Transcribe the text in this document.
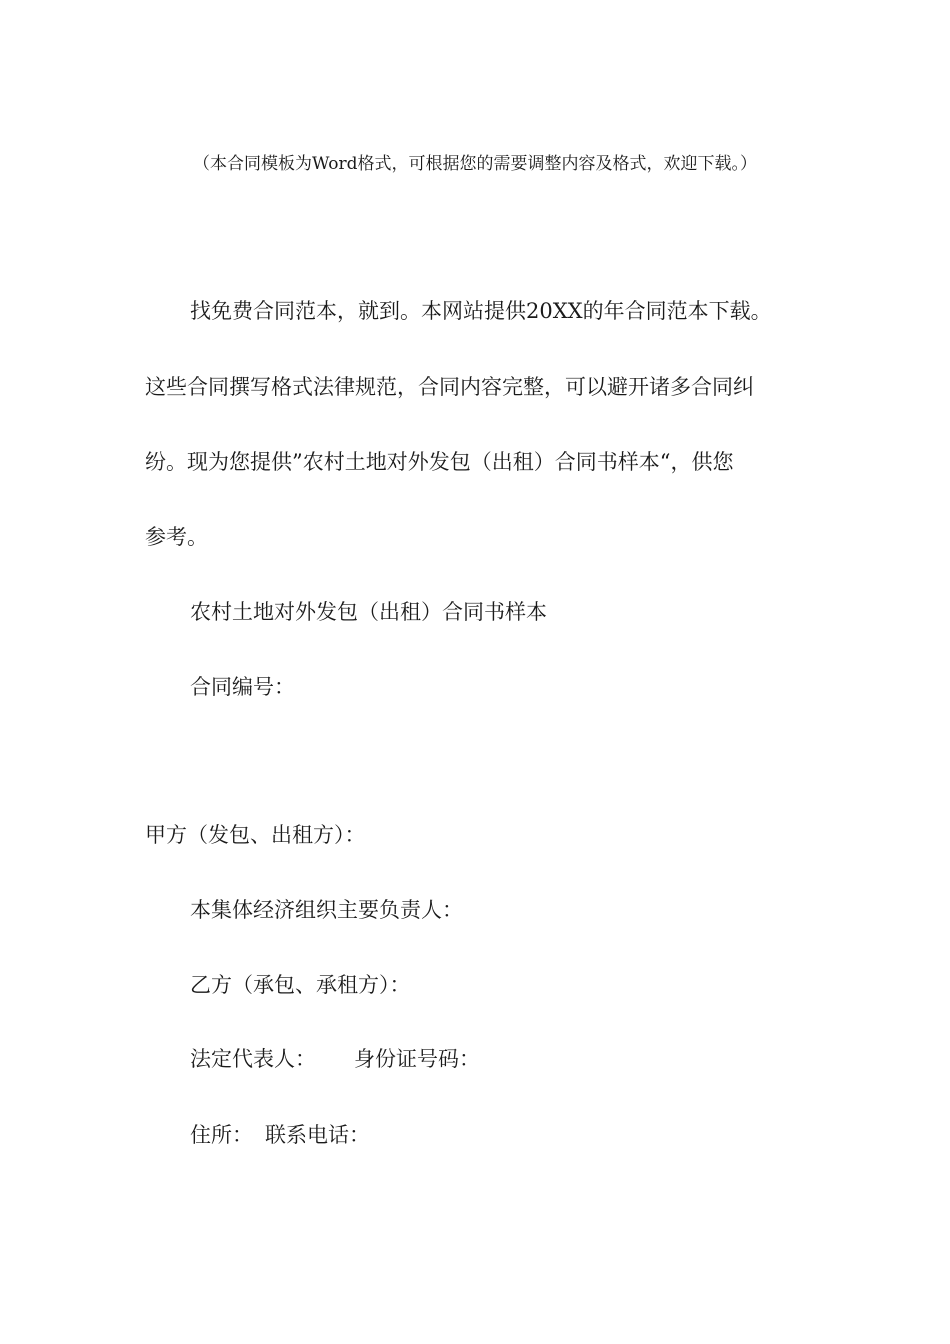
（本合同模板为Word格式，可根据您的需要调整内容及格式，欢迎下载。）
找免费合同范本，就到。本网站提供20XX的年合同范本下载。
这些合同撰写格式法律规范，合同内容完整，可以避开诸多合同纠
纷。现为您提供”农村土地对外发包（出租）合同书样本“，供您
参考。
农村土地对外发包（出租）合同书样本
合同编号：
甲方（发包、出租方）：
本集体经济组织主要负责人：
乙方（承包、承租方）：
法定代表人： 身份证号码：
住所： 联系电话：
